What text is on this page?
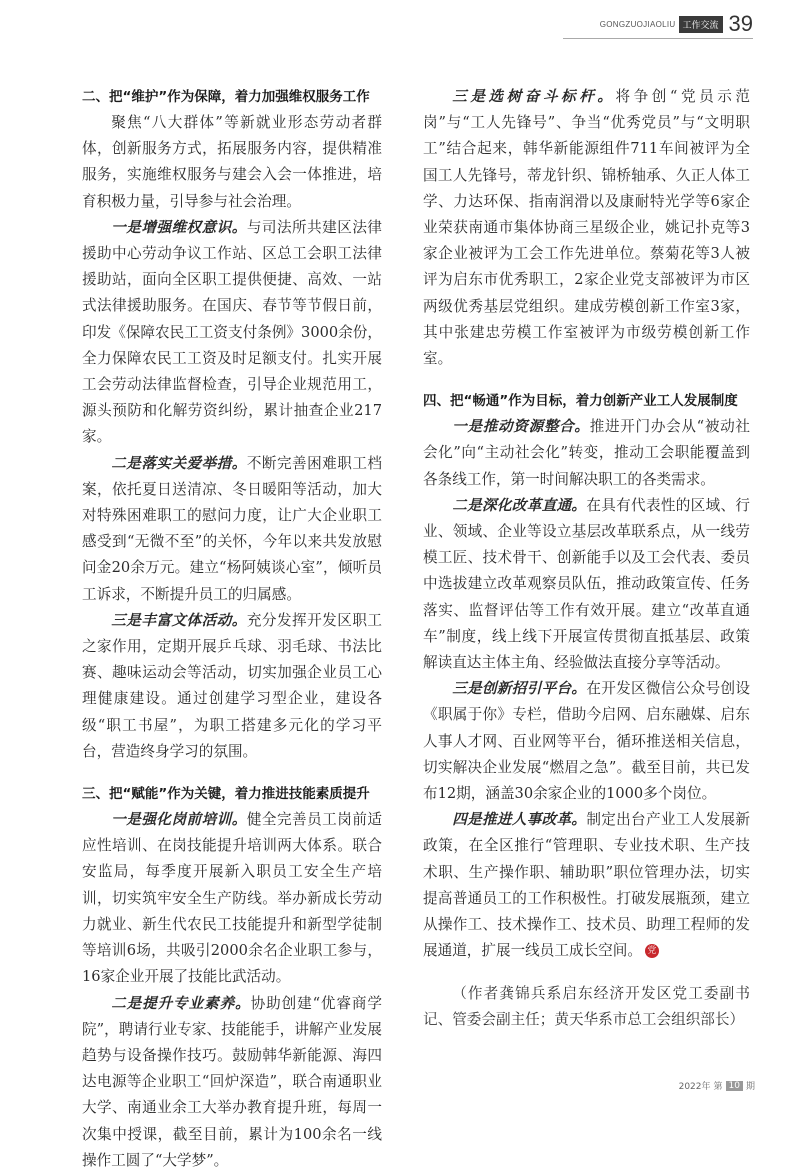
GONGZUOJIAOLIU 工作交流 39

二、把“维护”作为保障，着力加强维权服务工作

聚焦“八大群体”等新就业形态劳动者群体，创新服务方式，拓展服务内容，提供精准服务，实施维权服务与建会入会一体推进，培育积极力量，引导参与社会治理。

一是增强维权意识。与司法所共建区法律援助中心劳动争议工作站、区总工会职工法律援助站，面向全区职工提供便捷、高效、一站式法律援助服务。在国庆、春节等节假日前，印发《保障农民工工资支付条例》3000余份，全力保障农民工工资及时足额支付。扎实开展工会劳动法律监督检查，引导企业规范用工，源头预防和化解劳资纠纷，累计抽查企业217家。

二是落实关爱举措。不断完善困难职工档案，依托夏日送清凉、冬日暖阳等活动，加大对特殊困难职工的慰问力度，让广大企业职工感受到“无微不至”的关怀，今年以来共发放慰问金20余万元。建立“杨阿姨谈心室”，倾听员工诉求，不断提升员工的归属感。

三是丰富文体活动。充分发挥开发区职工之家作用，定期开展乒乓球、羽毛球、书法比赛、趣味运动会等活动，切实加强企业员工心理健康建设。通过创建学习型企业，建设各级“职工书屋”，为职工搭建多元化的学习平台，营造终身学习的氛围。

三、把“赋能”作为关键，着力推进技能素质提升

一是强化岗前培训。健全完善员工岗前适应性培训、在岗技能提升培训两大体系。联合安监局，每季度开展新入职员工安全生产培训，切实筑牢安全生产防线。举办新成长劳动力就业、新生代农民工技能提升和新型学徒制等培训6场，共吸引2000余名企业职工参与，16家企业开展了技能比武活动。

二是提升专业素养。协助创建“优睿商学院”，聘请行业专家、技能能手，讲解产业发展趋势与设备操作技巧。鼓励韩华新能源、海四达电源等企业职工“回炉深造”，联合南通职业大学、南通业余工大举办教育提升班，每周一次集中授课，截至目前，累计为100余名一线操作工圆了“大学梦”。

三是选树奋斗标杆。将争创“党员示范岗”与“工人先锋号”、争当“优秀党员”与“文明职工”结合起来，韩华新能源组件711车间被评为全国工人先锋号，蒂龙针织、锦桥轴承、久正人体工学、力达环保、指南润滑以及康耐特光学等6家企业荣获南通市集体协商三星级企业，姚记扑克等3家企业被评为工会工作先进单位。蔡菊花等3人被评为启东市优秀职工，2家企业党支部被评为市区两级优秀基层党组织。建成劳模创新工作室3家，其中张建忠劳模工作室被评为市级劳模创新工作室。

四、把“畅通”作为目标，着力创新产业工人发展制度

一是推动资源整合。推进开门办会从“被动社会化”向“主动社会化”转变，推动工会职能覆盖到各条线工作，第一时间解决职工的各类需求。

二是深化改革直通。在具有代表性的区域、行业、领域、企业等设立基层改革联系点，从一线劳模工匠、技术骨干、创新能手以及工会代表、委员中选拔建立改革观察员队伍，推动政策宣传、任务落实、监督评估等工作有效开展。建立“改革直通车”制度，线上线下开展宣传贯彻直抵基层、政策解读直达主体主角、经验做法直接分享等活动。

三是创新招引平台。在开发区微信公众号创设《职属于你》专栏，借助今启网、启东融媒、启东人事人才网、百业网等平台，循环推送相关信息，切实解决企业发展“燃眉之急”。截至目前，共已发布12期，涵盖30余家企业的1000多个岗位。

四是推进人事改革。制定出台产业工人发展新政策，在全区推行“管理职、专业技术职、生产技术职、生产操作职、辅助职”职位管理办法，切实提高普通员工的工作积极性。打破发展瓶颈，建立从操作工、技术操作工、技术员、助理工程师的发展通道，扩展一线员工成长空间。 党

（作者龚锦兵系启东经济开发区党工委副书记、管委会副主任；黄天华系市总工会组织部长）

2022年 第 10 期
